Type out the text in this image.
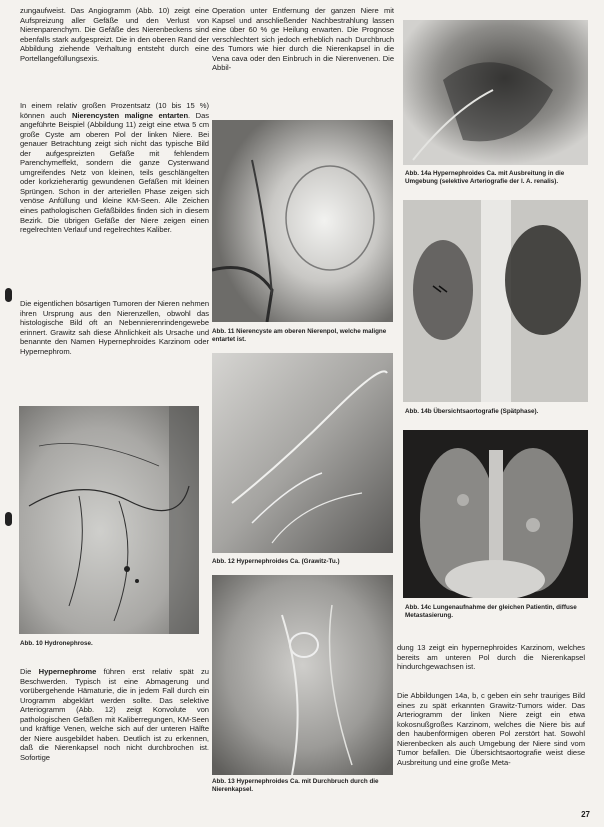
zungaufweist. Das Angiogramm (Abb. 10) zeigt eine Aufspreizung aller Gefäße und den Verlust von Nierenparenchym. Die Gefäße des Nierenbeckens sind ebenfalls stark aufgespreizt. Die in den oberen Rand der Abbildung ziehende Verhaltung entsteht durch eine Portellangefüllungsexis.

In einem relativ großen Prozentsatz (10 bis 15 %) können auch Nierencysten maligne entarten. Das angeführte Beispiel (Abbildung 11) zeigt eine etwa 5 cm große Cyste am oberen Pol der linken Niere. Bei genauer Betrachtung zeigt sich nicht das typische Bild der aufgespreizten Gefäße mit fehlendem Parenchymeffekt, sondern die ganze Cystenwand umgreifendes Netz von kleinen, teils geschlängelten oder korkzieherartig gewundenen Gefäßen mit kleinen Sprüngen. Schon in der arteriellen Phase zeigen sich venöse Anfüllung und kleine KM-Seen. Alle Zeichen eines pathologischen Gefäßbildes finden sich in diesem Bezirk. Die übrigen Gefäße der Niere zeigen einen regelrechten Verlauf und regelrechtes Kaliber.

Die eigentlichen bösartigen Tumoren der Nieren nehmen ihren Ursprung aus den Nierenzellen, obwohl das histologische Bild oft an Nebennierenrindengewebe erinnert. Grawitz sah diese Ähnlichkeit als Ursache und benannte den Namen Hypernephroides Karzinom oder Hypernephrom.

Abb. 10 Hydronephrose.

Die Hypernephrome führen erst relativ spät zu Beschwerden. Typisch ist eine Abmagerung und vorübergehende Hämaturie, die in jedem Fall durch ein Urogramm abgeklärt werden sollte. Das selektive Arteriogramm (Abb. 12) zeigt Konvolute von pathologischen Gefäßen mit Kaliberregungen, KM-Seen und kräftige Venen, welche sich auf der unteren Hälfte der Niere ausgebildet haben. Deutlich ist zu erkennen, daß die Nierenkapsel noch nicht durchbrochen ist. Sofortige

Operation unter Entfernung der ganzen Niere mit Kapsel und anschließender Nachbestrahlung lassen eine über 60 % ge Heilung erwarten. Die Prognose verschlechtert sich jedoch erheblich nach Durchbruch des Tumors wie hier durch die Nierenkapsel in die Vena cava oder den Einbruch in die Nierenvenen. Die Abbil-

Abb. 11 Nierencyste am oberen Nierenpol, welche maligne entartet ist.

Abb. 12 Hypernephroides Ca. (Grawitz-Tu.)

Abb. 13 Hypernephroides Ca. mit Durchbruch durch die Nierenkapsel.

Abb. 14a Hypernephroides Ca. mit Ausbreitung in die Umgebung (selektive Arteriografie der l. A. renalis).

Abb. 14b Übersichtsaortografie (Spätphase).

Abb. 14c Lungenaufnahme der gleichen Patientin, diffuse Metastasierung.

dung 13 zeigt ein hypernephroides Karzinom, welches bereits am unteren Pol durch die Nierenkapsel hindurchgewachsen ist.

Die Abbildungen 14a, b, c geben ein sehr trauriges Bild eines zu spät erkannten Grawitz-Tumors wider. Das Arteriogramm der linken Niere zeigt ein etwa kokosnußgroßes Karzinom, welches die Niere bis auf den haubenförmigen oberen Pol zerstört hat. Sowohl Nierenbecken als auch Umgebung der Niere sind vom Tumor befallen. Die Übersichtsaortografie weist diese Ausbreitung und eine große Meta-

27
